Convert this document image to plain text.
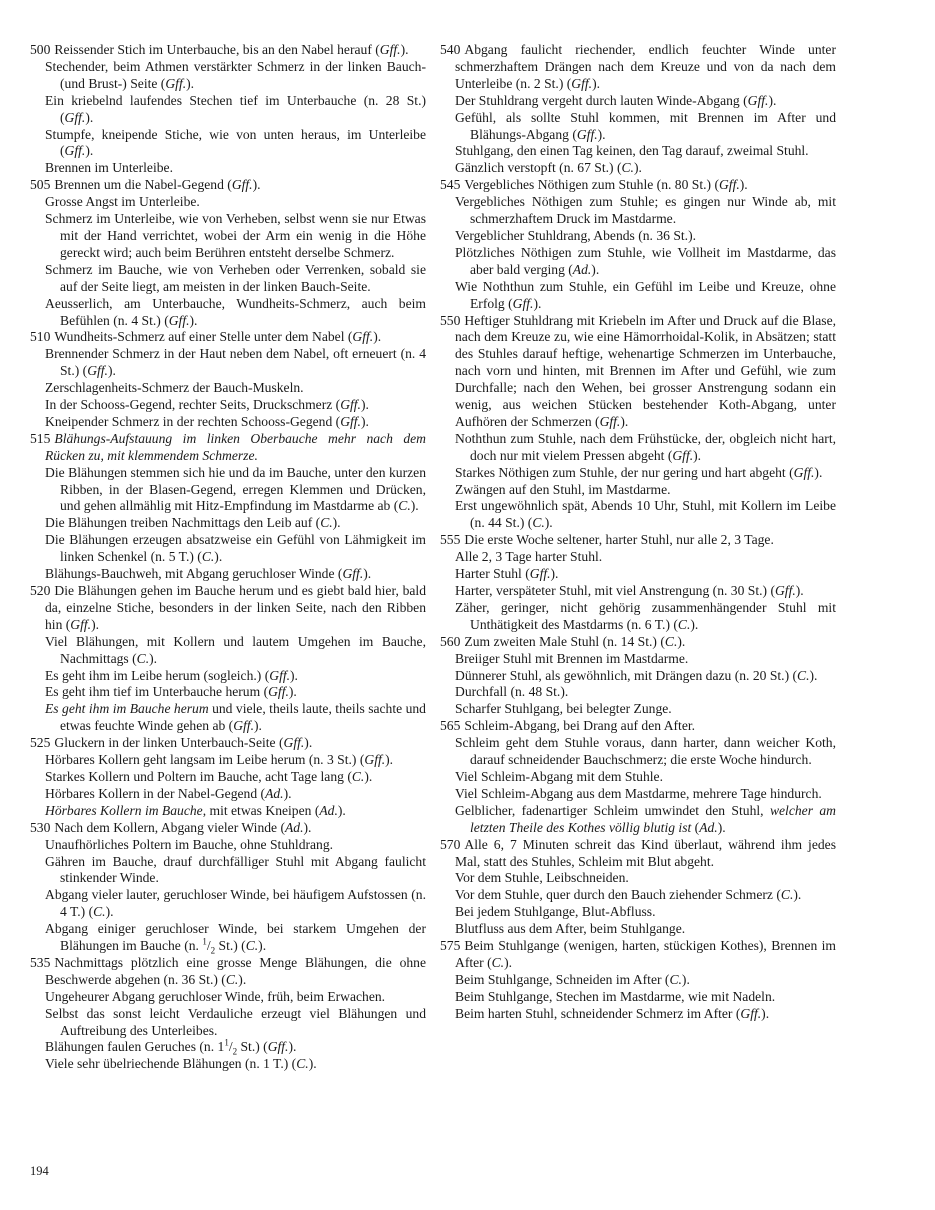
500 Reissender Stich im Unterbauche, bis an den Nabel herauf (Gff.).
Stechender, beim Athmen verstärkter Schmerz in der linken Bauch- (und Brust-) Seite (Gff.).
Ein kriebelnd laufendes Stechen tief im Unterbauche (n. 28 St.) (Gff.).
Stumpfe, kneipende Stiche, wie von unten heraus, im Unterleibe (Gff.).
Brennen im Unterleibe.
505 Brennen um die Nabel-Gegend (Gff.).
Grosse Angst im Unterleibe.
Schmerz im Unterleibe, wie von Verheben, selbst wenn sie nur Etwas mit der Hand verrichtet, wobei der Arm ein wenig in die Höhe gereckt wird; auch beim Berühren entsteht derselbe Schmerz.
Schmerz im Bauche, wie von Verheben oder Verrenken, sobald sie auf der Seite liegt, am meisten in der linken Bauch-Seite.
Aeusserlich, am Unterbauche, Wundheits-Schmerz, auch beim Befühlen (n. 4 St.) (Gff.).
510 Wundheits-Schmerz auf einer Stelle unter dem Nabel (Gff.).
Brennender Schmerz in der Haut neben dem Nabel, oft erneuert (n. 4 St.) (Gff.).
Zerschlagenheits-Schmerz der Bauch-Muskeln.
In der Schooss-Gegend, rechter Seits, Druckschmerz (Gff.).
Kneipender Schmerz in der rechten Schooss-Gegend (Gff.).
515 Blähungs-Aufstauung im linken Oberbauche mehr nach dem Rücken zu, mit klemmendem Schmerze.
Die Blähungen stemmen sich hie und da im Bauche, unter den kurzen Ribben, in der Blasen-Gegend, erregen Klemmen und Drücken, und gehen allmählig mit Hitz-Empfindung im Mastdarme ab (C.).
Die Blähungen treiben Nachmittags den Leib auf (C.).
Die Blähungen erzeugen absatzweise ein Gefühl von Lähmigkeit im linken Schenkel (n. 5 T.) (C.).
Blähungs-Bauchweh, mit Abgang geruchloser Winde (Gff.).
520 Die Blähungen gehen im Bauche herum und es giebt bald hier, bald da, einzelne Stiche, besonders in der linken Seite, nach den Ribben hin (Gff.).
Viel Blähungen, mit Kollern und lautem Umgehen im Bauche, Nachmittags (C.).
Es geht ihm im Leibe herum (sogleich.) (Gff.).
Es geht ihm tief im Unterbauche herum (Gff.).
Es geht ihm im Bauche herum und viele, theils laute, theils sachte und etwas feuchte Winde gehen ab (Gff.).
525 Gluckern in der linken Unterbauch-Seite (Gff.).
Hörbares Kollern geht langsam im Leibe herum (n. 3 St.) (Gff.).
Starkes Kollern und Poltern im Bauche, acht Tage lang (C.).
Hörbares Kollern in der Nabel-Gegend (Ad.).
Hörbares Kollern im Bauche, mit etwas Kneipen (Ad.).
530 Nach dem Kollern, Abgang vieler Winde (Ad.).
Unaufhörliches Poltern im Bauche, ohne Stuhldrang.
Gähren im Bauche, drauf durchfälliger Stuhl mit Abgang faulicht stinkender Winde.
Abgang vieler lauter, geruchloser Winde, bei häufigem Aufstossen (n. 4 T.) (C.).
Abgang einiger geruchloser Winde, bei starkem Umgehen der Blähungen im Bauche (n. $^1/_2$ St.) (C.).
535 Nachmittags plötzlich eine grosse Menge Blähungen, die ohne Beschwerde abgehen (n. 36 St.) (C.).
Ungeheurer Abgang geruchloser Winde, früh, beim Erwachen.
Selbst das sonst leicht Verdauliche erzeugt viel Blähungen und Auftreibung des Unterleibes.
Blähungen faulen Geruches (n. $1^1/_2$ St.) (Gff.).
Viele sehr übelriechende Blähungen (n. 1 T.) (C.).
540 Abgang faulicht riechender, endlich feuchter Winde unter schmerzhaftem Drängen nach dem Kreuze und von da nach dem Unterleibe (n. 2 St.) (Gff.).
Der Stuhldrang vergeht durch lauten Winde-Abgang (Gff.).
Gefühl, als sollte Stuhl kommen, mit Brennen im After und Blähungs-Abgang (Gff.).
Stuhlgang, den einen Tag keinen, den Tag darauf, zweimal Stuhl.
Gänzlich verstopft (n. 67 St.) (C.).
545 Vergebliches Nöthigen zum Stuhle (n. 80 St.) (Gff.).
Vergebliches Nöthigen zum Stuhle; es gingen nur Winde ab, mit schmerzhaftem Druck im Mastdarme.
Vergeblicher Stuhldrang, Abends (n. 36 St.).
Plötzliches Nöthigen zum Stuhle, wie Vollheit im Mastdarme, das aber bald verging (Ad.).
Wie Noththun zum Stuhle, ein Gefühl im Leibe und Kreuze, ohne Erfolg (Gff.).
550 Heftiger Stuhldrang mit Kriebeln im After und Druck auf die Blase, nach dem Kreuze zu, wie eine Hämorrhoidal-Kolik, in Absätzen; statt des Stuhles darauf heftige, wehenartige Schmerzen im Unterbauche, nach vorn und hinten, mit Brennen im After und Gefühl, wie zum Durchfalle; nach den Wehen, bei grosser Anstrengung sodann ein wenig, aus weichen Stücken bestehender Koth-Abgang, unter Aufhören der Schmerzen (Gff.).
Noththun zum Stuhle, nach dem Frühstücke, der, obgleich nicht hart, doch nur mit vielem Pressen abgeht (Gff.).
Starkes Nöthigen zum Stuhle, der nur gering und hart abgeht (Gff.).
Zwängen auf den Stuhl, im Mastdarme.
Erst ungewöhnlich spät, Abends 10 Uhr, Stuhl, mit Kollern im Leibe (n. 44 St.) (C.).
555 Die erste Woche seltener, harter Stuhl, nur alle 2, 3 Tage.
Alle 2, 3 Tage harter Stuhl.
Harter Stuhl (Gff.).
Harter, verspäteter Stuhl, mit viel Anstrengung (n. 30 St.) (Gff.).
Zäher, geringer, nicht gehörig zusammenhängender Stuhl mit Unthätigkeit des Mastdarms (n. 6 T.) (C.).
560 Zum zweiten Male Stuhl (n. 14 St.) (C.).
Breiiger Stuhl mit Brennen im Mastdarme.
Dünnerer Stuhl, als gewöhnlich, mit Drängen dazu (n. 20 St.) (C.).
Durchfall (n. 48 St.).
Scharfer Stuhlgang, bei belegter Zunge.
565 Schleim-Abgang, bei Drang auf den After.
Schleim geht dem Stuhle voraus, dann harter, dann weicher Koth, darauf schneidender Bauchschmerz; die erste Woche hindurch.
Viel Schleim-Abgang mit dem Stuhle.
Viel Schleim-Abgang aus dem Mastdarme, mehrere Tage hindurch.
Gelblicher, fadenartiger Schleim umwindet den Stuhl, welcher am letzten Theile des Kothes völlig blutig ist (Ad.).
570 Alle 6, 7 Minuten schreit das Kind überlaut, während ihm jedes Mal, statt des Stuhles, Schleim mit Blut abgeht.
Vor dem Stuhle, Leibschneiden.
Vor dem Stuhle, quer durch den Bauch ziehender Schmerz (C.).
Bei jedem Stuhlgange, Blut-Abfluss.
Blutfluss aus dem After, beim Stuhlgange.
575 Beim Stuhlgange (wenigen, harten, stückigen Kothes), Brennen im After (C.).
Beim Stuhlgange, Schneiden im After (C.).
Beim Stuhlgange, Stechen im Mastdarme, wie mit Nadeln.
Beim harten Stuhl, schneidender Schmerz im After (Gff.).
194
